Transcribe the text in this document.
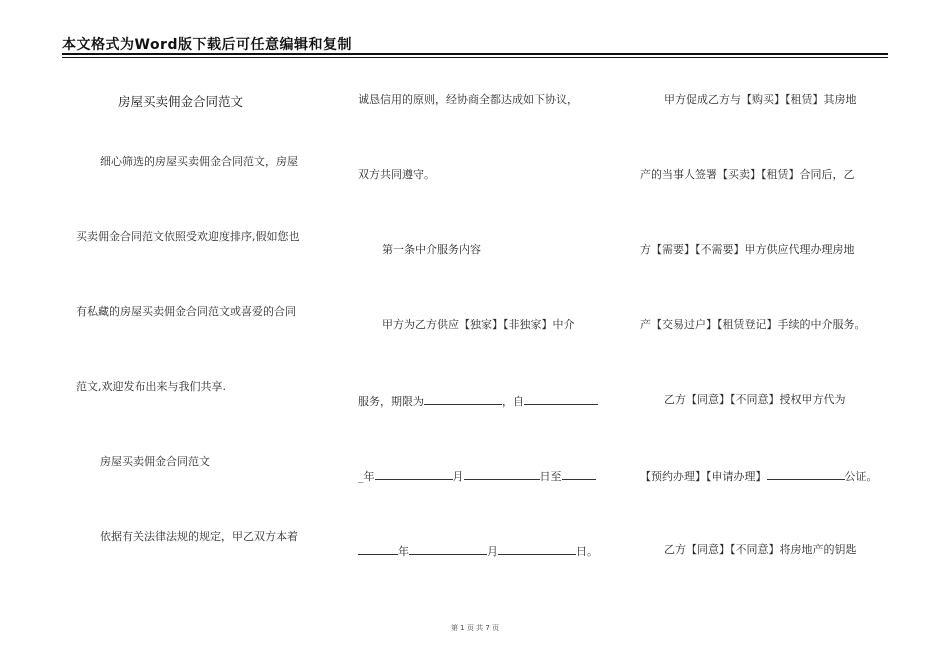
本文格式为Word版下载后可任意编辑和复制
房屋买卖佣金合同范文
细心筛选的房屋买卖佣金合同范文，房屋
买卖佣金合同范文依照受欢迎度排序,假如您也
有私藏的房屋买卖佣金合同范文或喜爱的合同
范文,欢迎发布出来与我们共享.
房屋买卖佣金合同范文
依据有关法律法规的规定，甲乙双方本着
诚恳信用的原则，经协商全都达成如下协议，
双方共同遵守。
第一条中介服务内容
甲方为乙方供应【独家】【非独家】中介
服务，期限为	，自
_年	月	日至
年	月	日。
甲方促成乙方与【购买】【租赁】其房地
产的当事人签署【买卖】【租赁】合同后，乙
方【需要】【不需要】甲方供应代理办理房地
产【交易过户】【租赁登记】手续的中介服务。
乙方【同意】【不同意】授权甲方代为
【预约办理】【申请办理】	公证。
乙方【同意】【不同意】将房地产的钥匙
第 1 页 共 7 页
